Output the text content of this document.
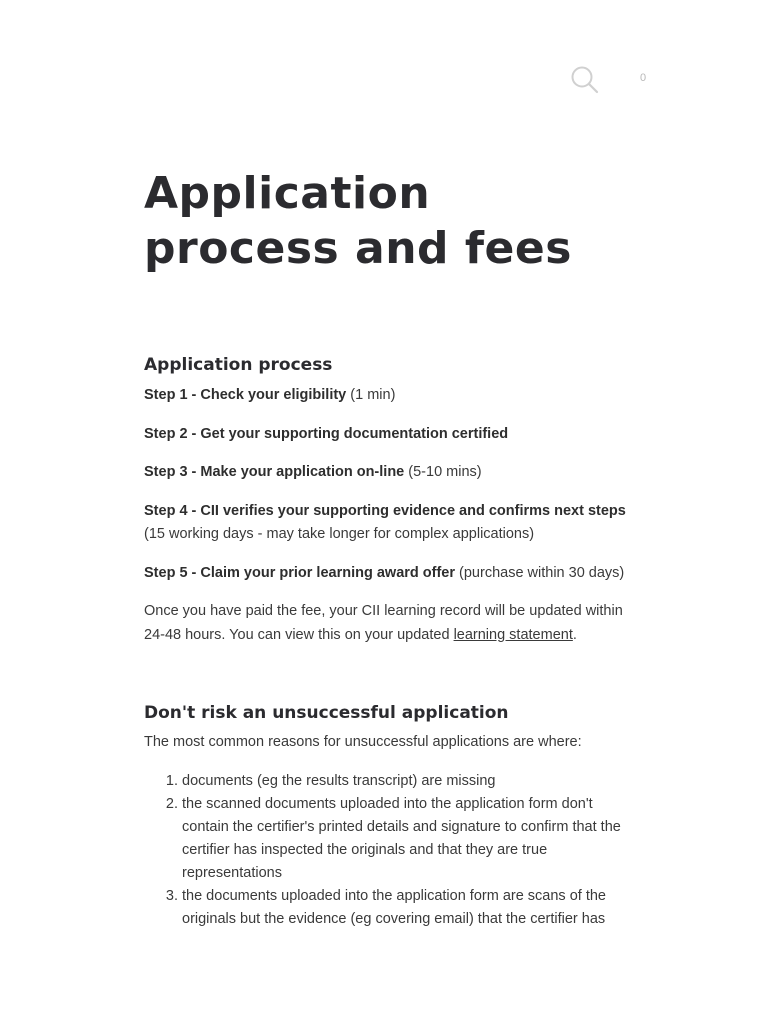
0
Application
process and fees
Application process

Step 1 - Check your eligibility (1 min)

Step 2 - Get your supporting documentation certified

Step 3 - Make your application on-line (5-10 mins)

Step 4 - CII verifies your supporting evidence and confirms next steps (15 working days - may take longer for complex applications)

Step 5 - Claim your prior learning award offer (purchase within 30 days)

Once you have paid the fee, your CII learning record will be updated within 24-48 hours. You can view this on your updated learning statement.

Don't risk an unsuccessful application

The most common reasons for unsuccessful applications are where:

1. documents (eg the results transcript) are missing
2. the scanned documents uploaded into the application form don't contain the certifier's printed details and signature to confirm that the certifier has inspected the originals and that they are true representations
3. the documents uploaded into the application form are scans of the originals but the evidence (eg covering email) that the certifier has
